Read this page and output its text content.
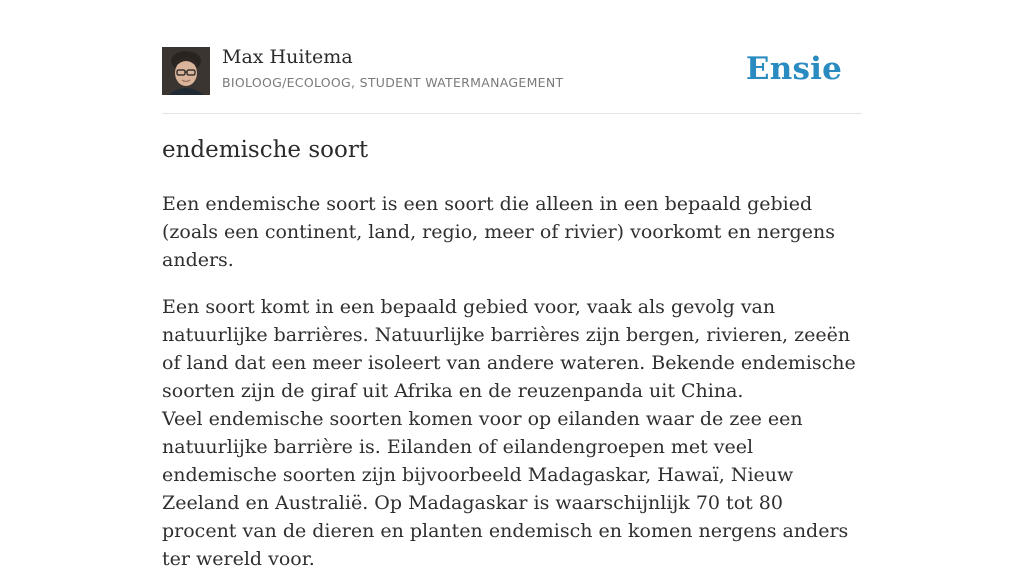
Max Huitema
BIOLOOG/ECOLOOG, STUDENT WATERMANAGEMENT	Ensie
endemische soort

Een endemische soort is een soort die alleen in een bepaald gebied (zoals een continent, land, regio, meer of rivier) voorkomt en nergens anders.

Een soort komt in een bepaald gebied voor, vaak als gevolg van natuurlijke barrières. Natuurlijke barrières zijn bergen, rivieren, zeeën of land dat een meer isoleert van andere wateren. Bekende endemische soorten zijn de giraf uit Afrika en de reuzenpanda uit China.

Veel endemische soorten komen voor op eilanden waar de zee een natuurlijke barrière is. Eilanden of eilandengroepen met veel endemische soorten zijn bijvoorbeeld Madagaskar, Hawaï, Nieuw Zeeland en Australië. Op Madagaskar is waarschijnlijk 70 tot 80 procent van de dieren en planten endemisch en komen nergens anders ter wereld voor.
